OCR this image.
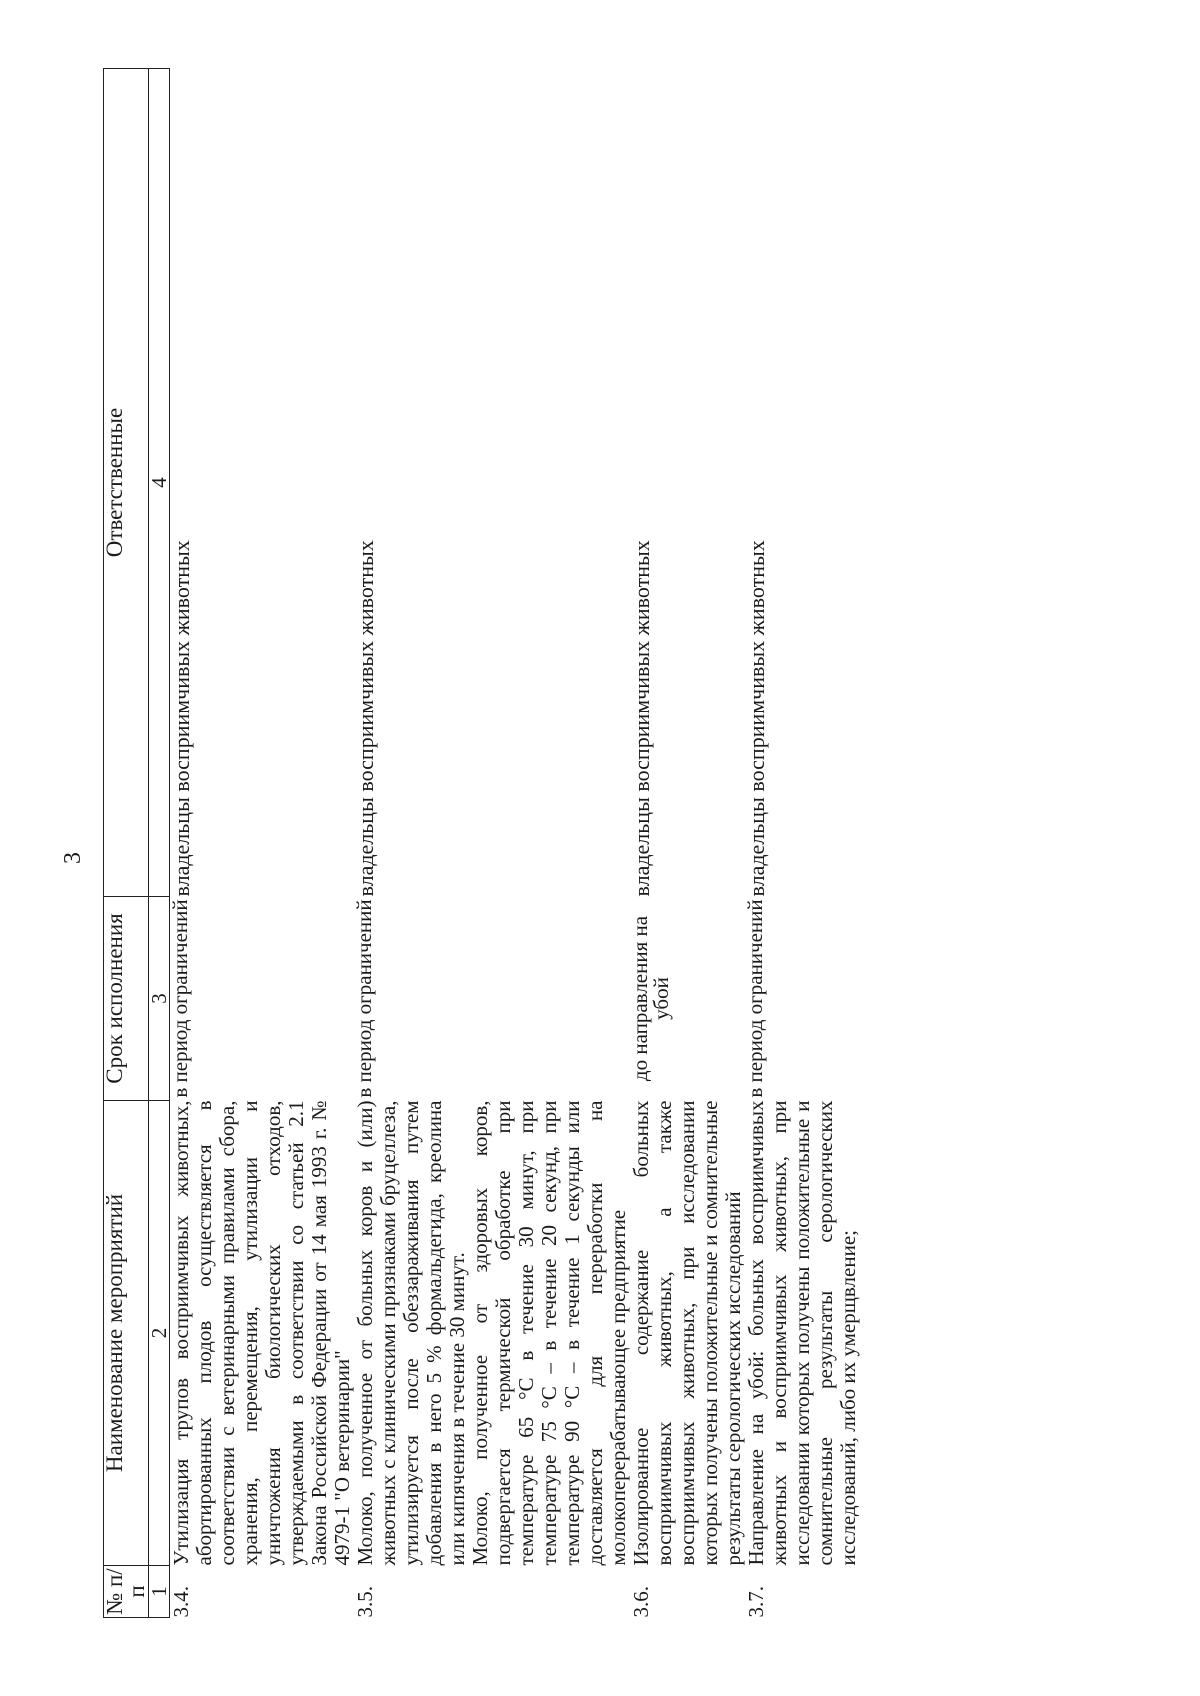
3
№ п/п	Наименование мероприятий	Срок исполнения	Ответственные
1	2	3	4
3.4.	Утилизация трупов восприимчивых животных, абортированных плодов осуществляется в соответствии с ветеринарными правилами сбора, хранения, перемещения, утилизации и уничтожения биологических отходов, утверждаемыми в соответствии со статьей 2.1 Закона Российской Федерации от 14 мая 1993 г. № 4979-1 "О ветеринарии"	в период ограничений	владельцы восприимчивых животных
3.5.	Молоко, полученное от больных коров и (или) животных с клиническими признаками бруцеллеза, утилизируется после обеззараживания путем добавления в него 5 % формальдегида, креолина или кипячения в течение 30 минут. Молоко, полученное от здоровых коров, подвергается термической обработке при температуре 65 °С в течение 30 минут, при температуре 75 °С – в течение 20 секунд, при температуре 90 °С – в течение 1 секунды или доставляется для переработки на молокоперерабатывающее предприятие	в период ограничений	владельцы восприимчивых животных
3.6.	Изолированное содержание больных восприимчивых животных, а также восприимчивых животных, при исследовании которых получены положительные и сомнительные результаты серологических исследований	до направления на убой	владельцы восприимчивых животных
3.7.	Направление на убой: больных восприимчивых животных и восприимчивых животных, при исследовании которых получены положительные и сомнительные результаты серологических исследований, либо их умерщвление;	в период ограничений	владельцы восприимчивых животных
